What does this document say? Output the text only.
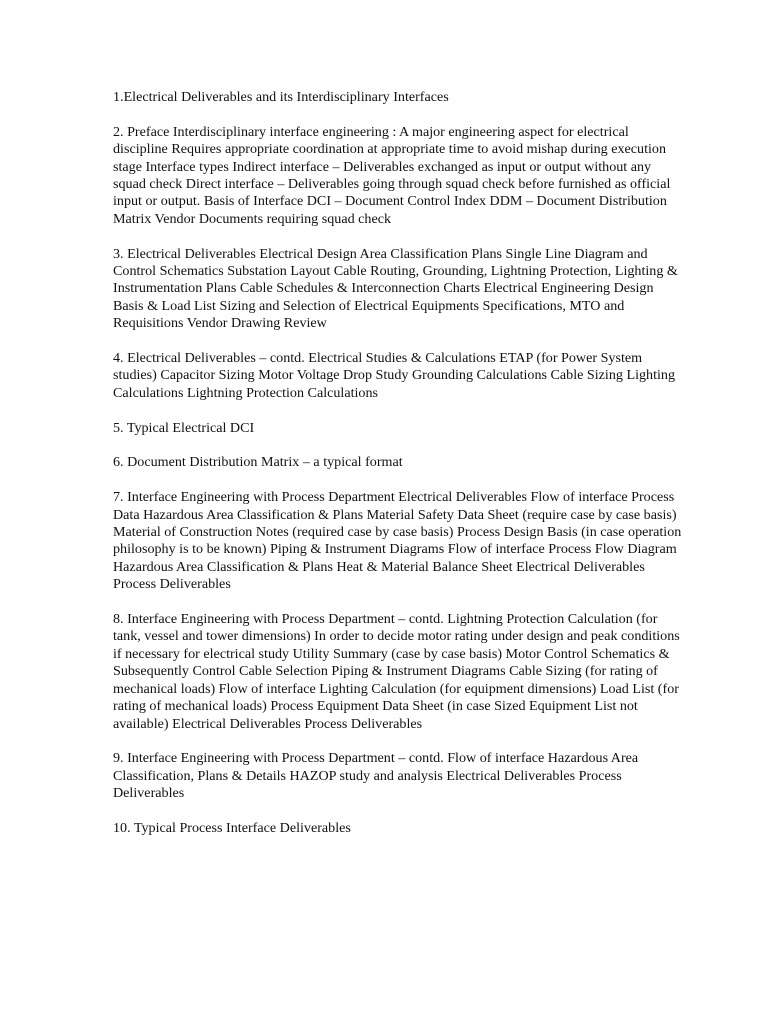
1.Electrical Deliverables and its Interdisciplinary Interfaces

2. Preface Interdisciplinary interface engineering : A major engineering aspect for electrical discipline Requires appropriate coordination at appropriate time to avoid mishap during execution stage Interface types Indirect interface – Deliverables exchanged as input or output without any squad check Direct interface – Deliverables going through squad check before furnished as official input or output. Basis of Interface DCI – Document Control Index DDM – Document Distribution Matrix Vendor Documents requiring squad check

3. Electrical Deliverables Electrical Design Area Classification Plans Single Line Diagram and Control Schematics Substation Layout Cable Routing, Grounding, Lightning Protection, Lighting & Instrumentation Plans Cable Schedules & Interconnection Charts Electrical Engineering Design Basis & Load List Sizing and Selection of Electrical Equipments Specifications, MTO and Requisitions Vendor Drawing Review

4. Electrical Deliverables – contd. Electrical Studies & Calculations ETAP (for Power System studies) Capacitor Sizing Motor Voltage Drop Study Grounding Calculations Cable Sizing Lighting Calculations Lightning Protection Calculations

5. Typical Electrical DCI

6. Document Distribution Matrix – a typical format

7. Interface Engineering with Process Department Electrical Deliverables Flow of interface Process Data Hazardous Area Classification & Plans Material Safety Data Sheet (require case by case basis) Material of Construction Notes (required case by case basis) Process Design Basis (in case operation philosophy is to be known) Piping & Instrument Diagrams Flow of interface Process Flow Diagram Hazardous Area Classification & Plans Heat & Material Balance Sheet Electrical Deliverables Process Deliverables

8. Interface Engineering with Process Department – contd. Lightning Protection Calculation (for tank, vessel and tower dimensions) In order to decide motor rating under design and peak conditions if necessary for electrical study Utility Summary (case by case basis) Motor Control Schematics & Subsequently Control Cable Selection Piping & Instrument Diagrams Cable Sizing (for rating of mechanical loads) Flow of interface Lighting Calculation (for equipment dimensions) Load List (for rating of mechanical loads) Process Equipment Data Sheet (in case Sized Equipment List not available) Electrical Deliverables Process Deliverables

9. Interface Engineering with Process Department – contd. Flow of interface Hazardous Area Classification, Plans & Details HAZOP study and analysis Electrical Deliverables Process Deliverables

10. Typical Process Interface Deliverables
